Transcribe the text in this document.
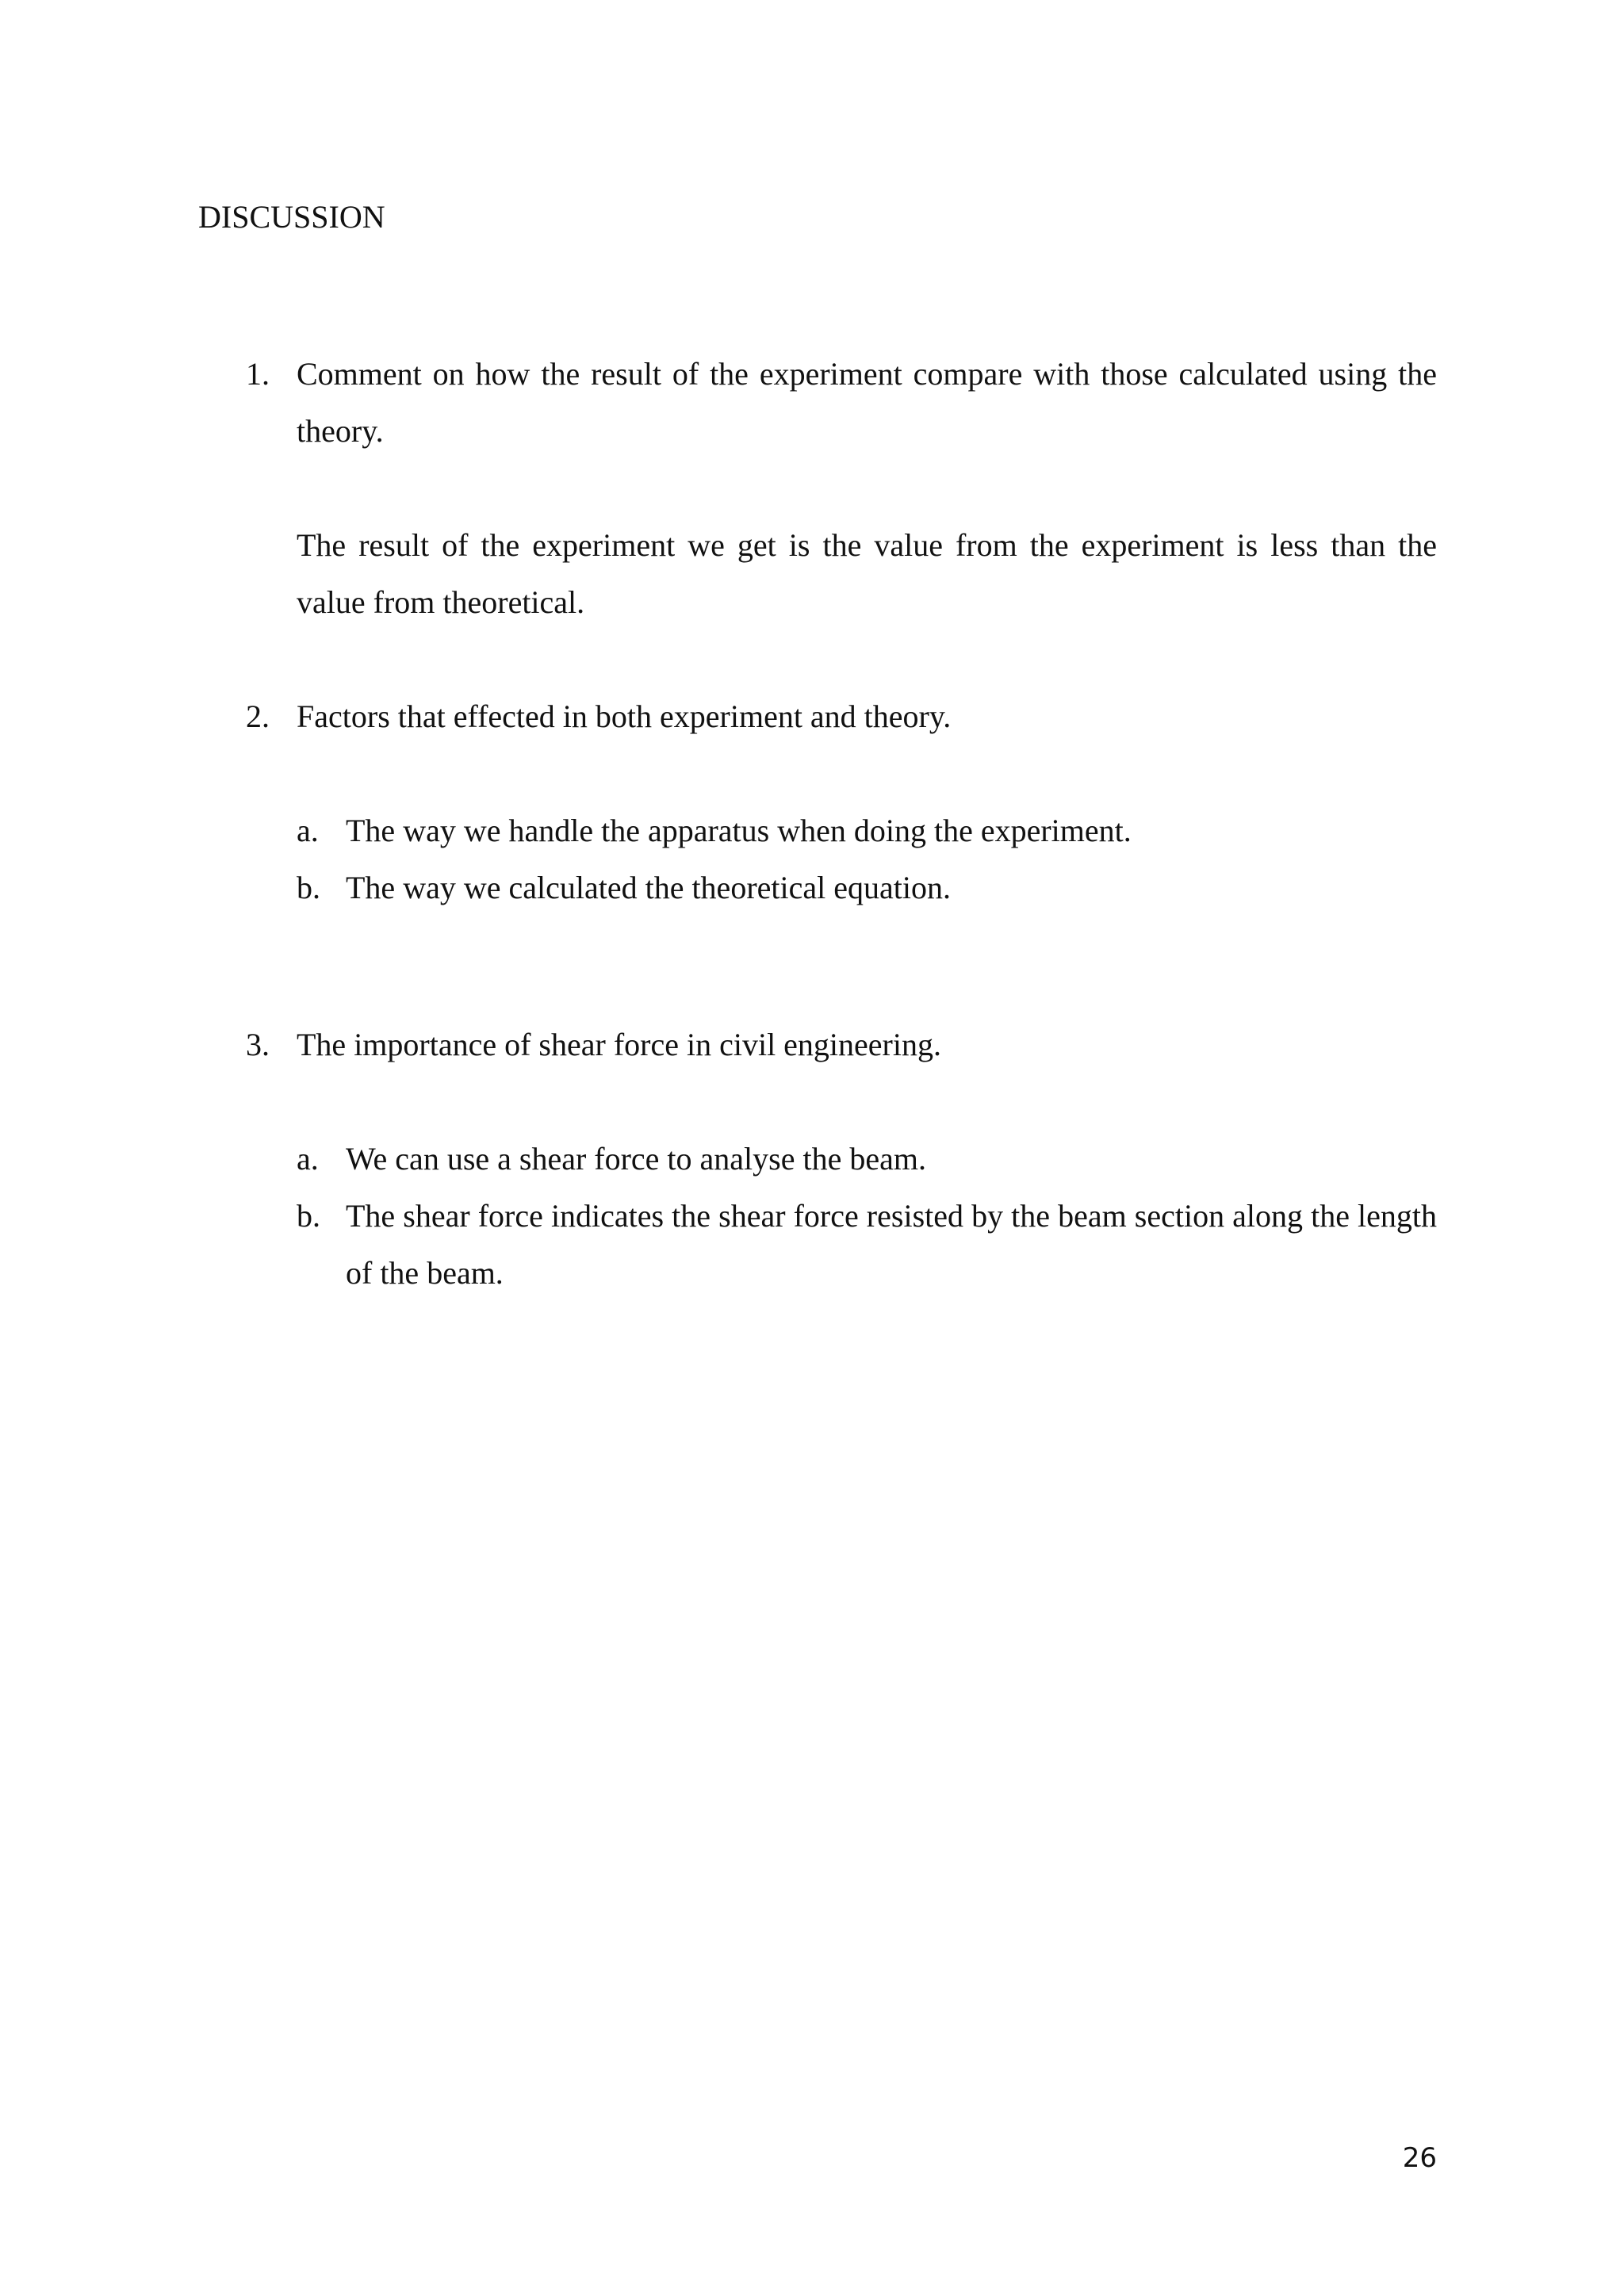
DISCUSSION
1. Comment on how the result of the experiment compare with those calculated using the theory.
The result of the experiment we get is the value from the experiment is less than the value from theoretical.
2. Factors that effected in both experiment and theory.
a. The way we handle the apparatus when doing the experiment.
b. The way we calculated the theoretical equation.
3. The importance of shear force in civil engineering.
a. We can use a shear force to analyse the beam.
b. The shear force indicates the shear force resisted by the beam section along the length of the beam.
26
